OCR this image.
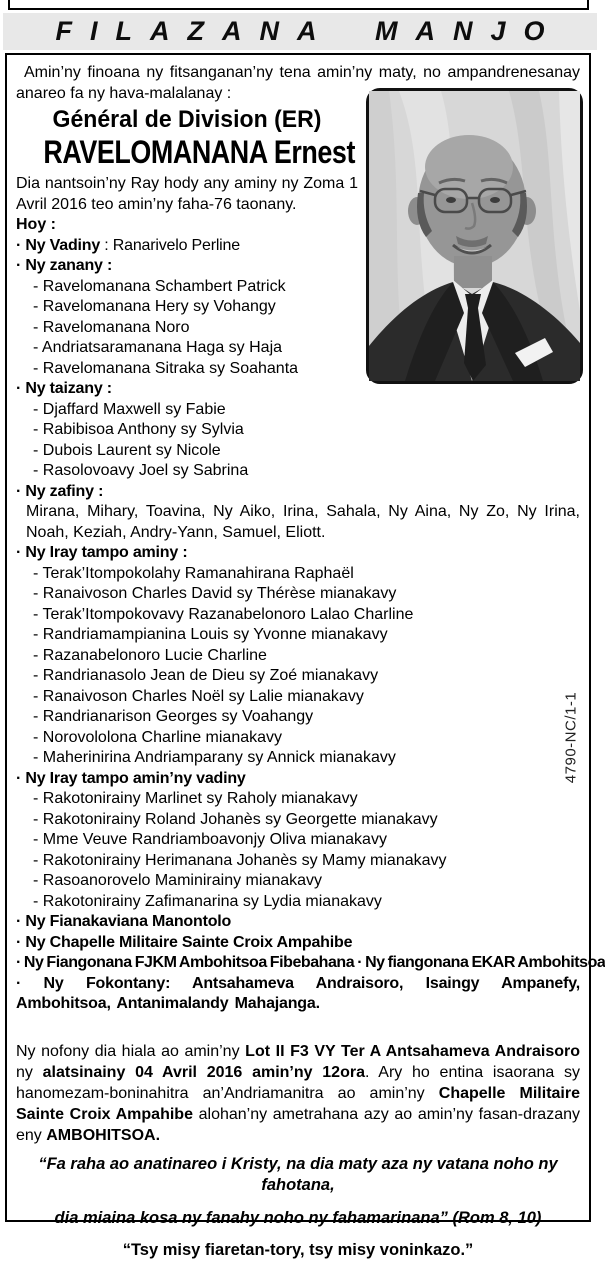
FILAZANA MANJO

Amin’ny finoana ny fitsanganan’ny tena amin’ny maty, no ampandrenesanay anareo fa ny hava-malalanay :

Général de Division (ER)
RAVELOMANANA Ernest

Dia nantsoin’ny Ray hody any aminy ny Zoma 1 Avril 2016 teo amin’ny faha-76 taonany.

Hoy :
· Ny Vadiny : Ranarivelo Perline
· Ny zanany :
- Ravelomanana Schambert Patrick
- Ravelomanana Hery sy Vohangy
- Ravelomanana Noro
- Andriatsaramanana Haga sy Haja
- Ravelomanana Sitraka sy Soahanta
· Ny taizany :
- Djaffard Maxwell sy Fabie
- Rabibisoa Anthony sy Sylvia
- Dubois Laurent sy Nicole
- Rasolovoavy Joel sy Sabrina
· Ny zafiny :
Mirana, Mihary, Toavina, Ny Aiko, Irina, Sahala, Ny Aina, Ny Zo, Ny Irina, Noah, Keziah, Andry-Yann, Samuel, Eliott.
· Ny Iray tampo aminy :
- Terak’Itompokolahy Ramanahirana Raphaël
- Ranaivoson Charles David sy Thérèse mianakavy
- Terak’Itompokovavy Razanabelonoro Lalao Charline
- Randriamampianina Louis sy Yvonne mianakavy
- Razanabelonoro Lucie Charline
- Randrianasolo Jean de Dieu sy Zoé mianakavy
- Ranaivoson Charles Noël sy Lalie mianakavy
- Randrianarison Georges sy Voahangy
- Norovololona Charline mianakavy
- Maherinirina Andriamparany sy Annick mianakavy
· Ny Iray tampo amin’ny vadiny
- Rakotonirainy Marlinet sy Raholy mianakavy
- Rakotonirainy Roland Johanès sy Georgette mianakavy
- Mme Veuve Randriamboavonjy Oliva mianakavy
- Rakotonirainy Herimanana Johanès sy Mamy mianakavy
- Rasoanorovelo Maminirainy mianakavy
- Rakotonirainy Zafimanarina sy Lydia mianakavy
· Ny Fianakaviana Manontolo
· Ny Chapelle Militaire Sainte Croix Ampahibe
· Ny Fiangonana FJKM Ambohitsoa Fibebahana · Ny fiangonana EKAR Ambohitsoa
· Ny Fokontany: Antsahameva Andraisoro, Isaingy Ampanefy, Ambohitsoa, Antanimalandy Mahajanga.

Ny nofony dia hiala ao amin’ny Lot II F3 VY Ter A Antsahameva Andraisoro ny alatsinainy 04 Avril 2016 amin’ny 12ora. Ary ho entina isaorana sy hanomezam-boninahitra an’Andriamanitra ao amin’ny Chapelle Militaire Sainte Croix Ampahibe alohan’ny ametrahana azy ao amin’ny fasan-drazany eny AMBOHITSOA.

“Fa raha ao anatinareo i Kristy, na dia maty aza ny vatana noho ny fahotana,
dia miaina kosa ny fanahy noho ny fahamarinana” (Rom 8, 10)
“Tsy misy fiaretan-tory, tsy misy voninkazo.”
4790-NC/1-1
